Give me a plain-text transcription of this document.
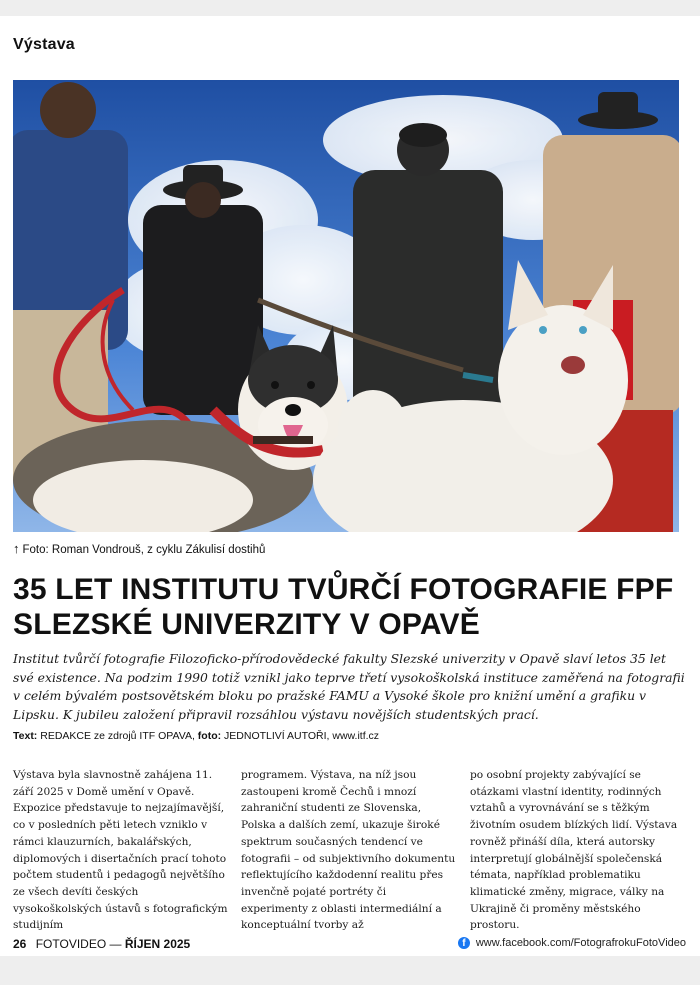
Výstava
↑ Foto: Roman Vondrouš, z cyklu Zákulisí dostihů
35 LET INSTITUTU TVŮRČÍ FOTOGRAFIE FPF
SLEZSKÉ UNIVERZITY V OPAVĚ

Institut tvůrčí fotografie Filozoficko-přírodovědecké fakulty Slezské univerzity v Opavě slaví letos 35 let své existence. Na podzim 1990 totiž vznikl jako teprve třetí vysokoškolská instituce zaměřená na fotografii v celém bývalém postsovětském bloku po pražské FAMU a Vysoké škole pro knižní umění a grafiku v Lipsku. K jubileu založení připravil rozsáhlou výstavu novějších studentských prací.

Text: REDAKCE ze zdrojů ITF OPAVA, foto: JEDNOTLIVÍ AUTOŘI, www.itf.cz

Výstava byla slavnostně zahájena 11. září 2025 v Domě umění v Opavě. Expozice představuje to nejzajímavější, co v posledních pěti letech vzniklo v rámci klauzurních, bakalářských, diplomových i disertačních prací tohoto počtem studentů i pedagogů největšího ze všech devíti českých vysokoškolských ústavů s fotografickým studijním

programem. Výstava, na níž jsou zastoupeni kromě Čechů i mnozí zahraniční studenti ze Slovenska, Polska a dalších zemí, ukazuje široké spektrum současných tendencí ve fotografii – od subjektivního dokumentu reflektujícího každodenní realitu přes invenčně pojaté portréty či experimenty z oblasti intermediální a konceptuální tvorby až

po osobní projekty zabývající se otázkami vlastní identity, rodinných vztahů a vyrovnávání se s těžkým životním osudem blízkých lidí. Výstava rovněž přináší díla, která autorsky interpretují globálnější společenská témata, například problematiku klimatické změny, migrace, války na Ukrajině či proměny městského prostoru.

26 FOTOVIDEO — ŘÍJEN 2025	f www.facebook.com/FotografrokuFotoVideo
